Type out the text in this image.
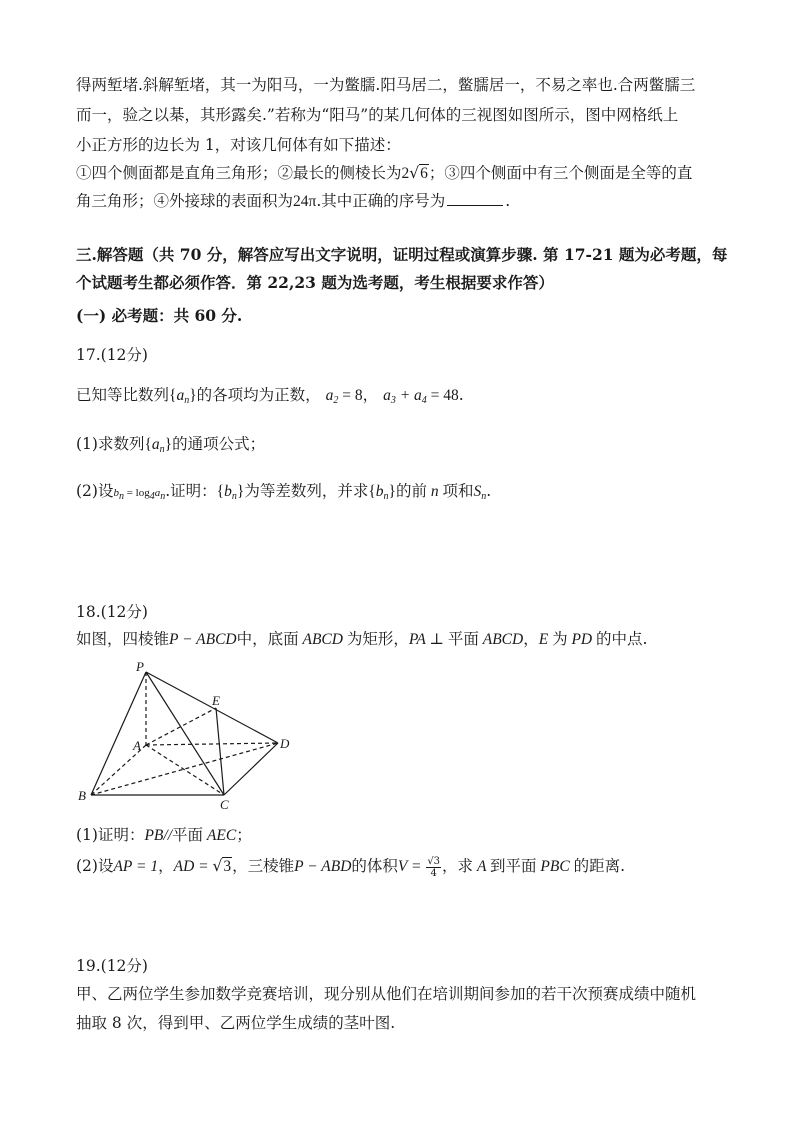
得两堑堵.斜解堑堵，其一为阳马，一为鳖臑.阳马居二，鳖臑居一，不易之率也.合两鳖臑三
而一，验之以棊，其形露矣.”若称为“阳马”的某几何体的三视图如图所示，图中网格纸上
小正方形的边长为 1，对该几何体有如下描述：
①四个侧面都是直角三角形；②最长的侧棱长为2√6；③四个侧面中有三个侧面是全等的直
角三角形；④外接球的表面积为24π.其中正确的序号为	.
三.解答题（共 70 分，解答应写出文字说明，证明过程或演算步骤. 第 17-21 题为必考题，每
个试题考生都必须作答．第 22,23 题为选考题，考生根据要求作答）
(一) 必考题：共 60 分.
17.(12分)
已知等比数列$\{a_n\}$的各项均为正数， $a_2 = 8$， $a_3 + a_4 = 48$.
(1)求数列$\{a_n\}$的通项公式；
(2)设bn = log4an.证明：$\{b_n\}$为等差数列，并求$\{b_n\}$的前 n 项和$S_n$.
18.(12分)
如图，四棱锥P − ABCD中，底面 ABCD 为矩形，PA ⊥ 平面 ABCD，E 为 PD 的中点.
P
E
A	D
B
C
(1)证明：PB//平面 AEC；
(2)设AP = 1，AD = √3，三棱锥P − ABD的体积$V = \frac{√3}{4}$ ，求 A 到平面 PBC 的距离.
19.(12分)
甲、乙两位学生参加数学竞赛培训，现分别从他们在培训期间参加的若干次预赛成绩中随机
抽取 8 次，得到甲、乙两位学生成绩的茎叶图.
